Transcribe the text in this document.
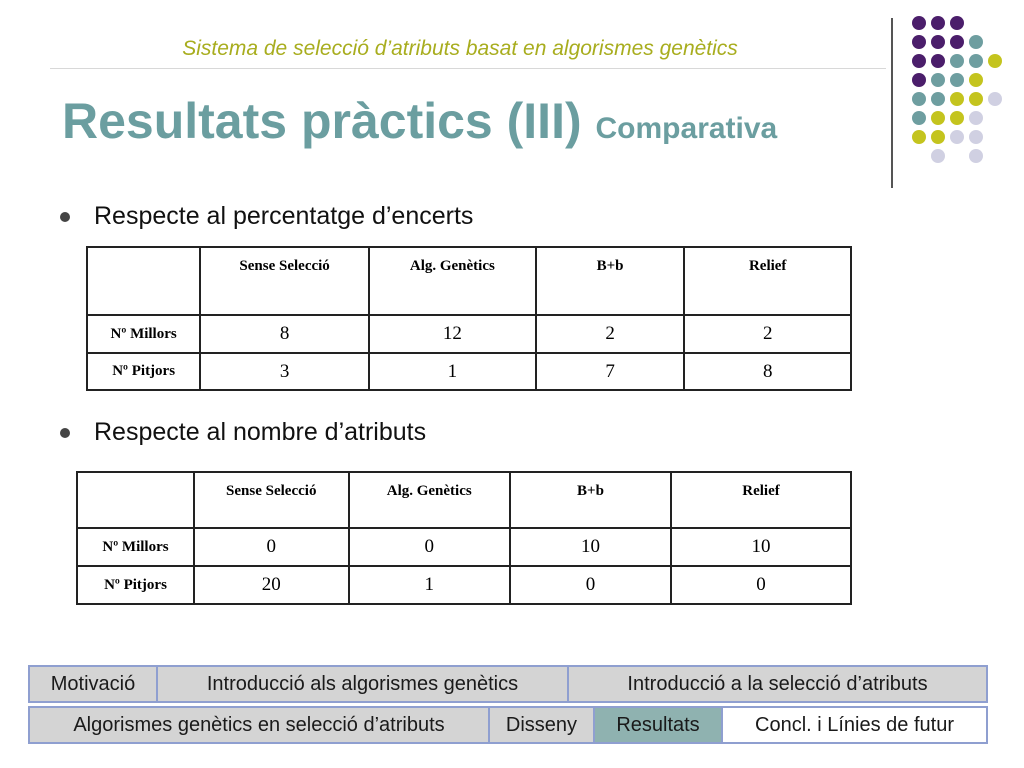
Sistema de selecció d’atributs basat en algorismes genètics
Resultats pràctics (III) Comparativa
Respecte al percentatge d’encerts
	Sense Selecció	Alg. Genètics	B+b	Relief
Nº Millors	8	12	2	2
Nº Pitjors	3	1	7	8
Respecte al nombre d’atributs
	Sense Selecció	Alg. Genètics	B+b	Relief
Nº Millors	0	0	10	10
Nº Pitjors	20	1	0	0
Motivació	Introducció als algorismes genètics	Introducció a la selecció d’atributs
Algorismes genètics en selecció d’atributs	Disseny	Resultats	Concl. i Línies de futur
